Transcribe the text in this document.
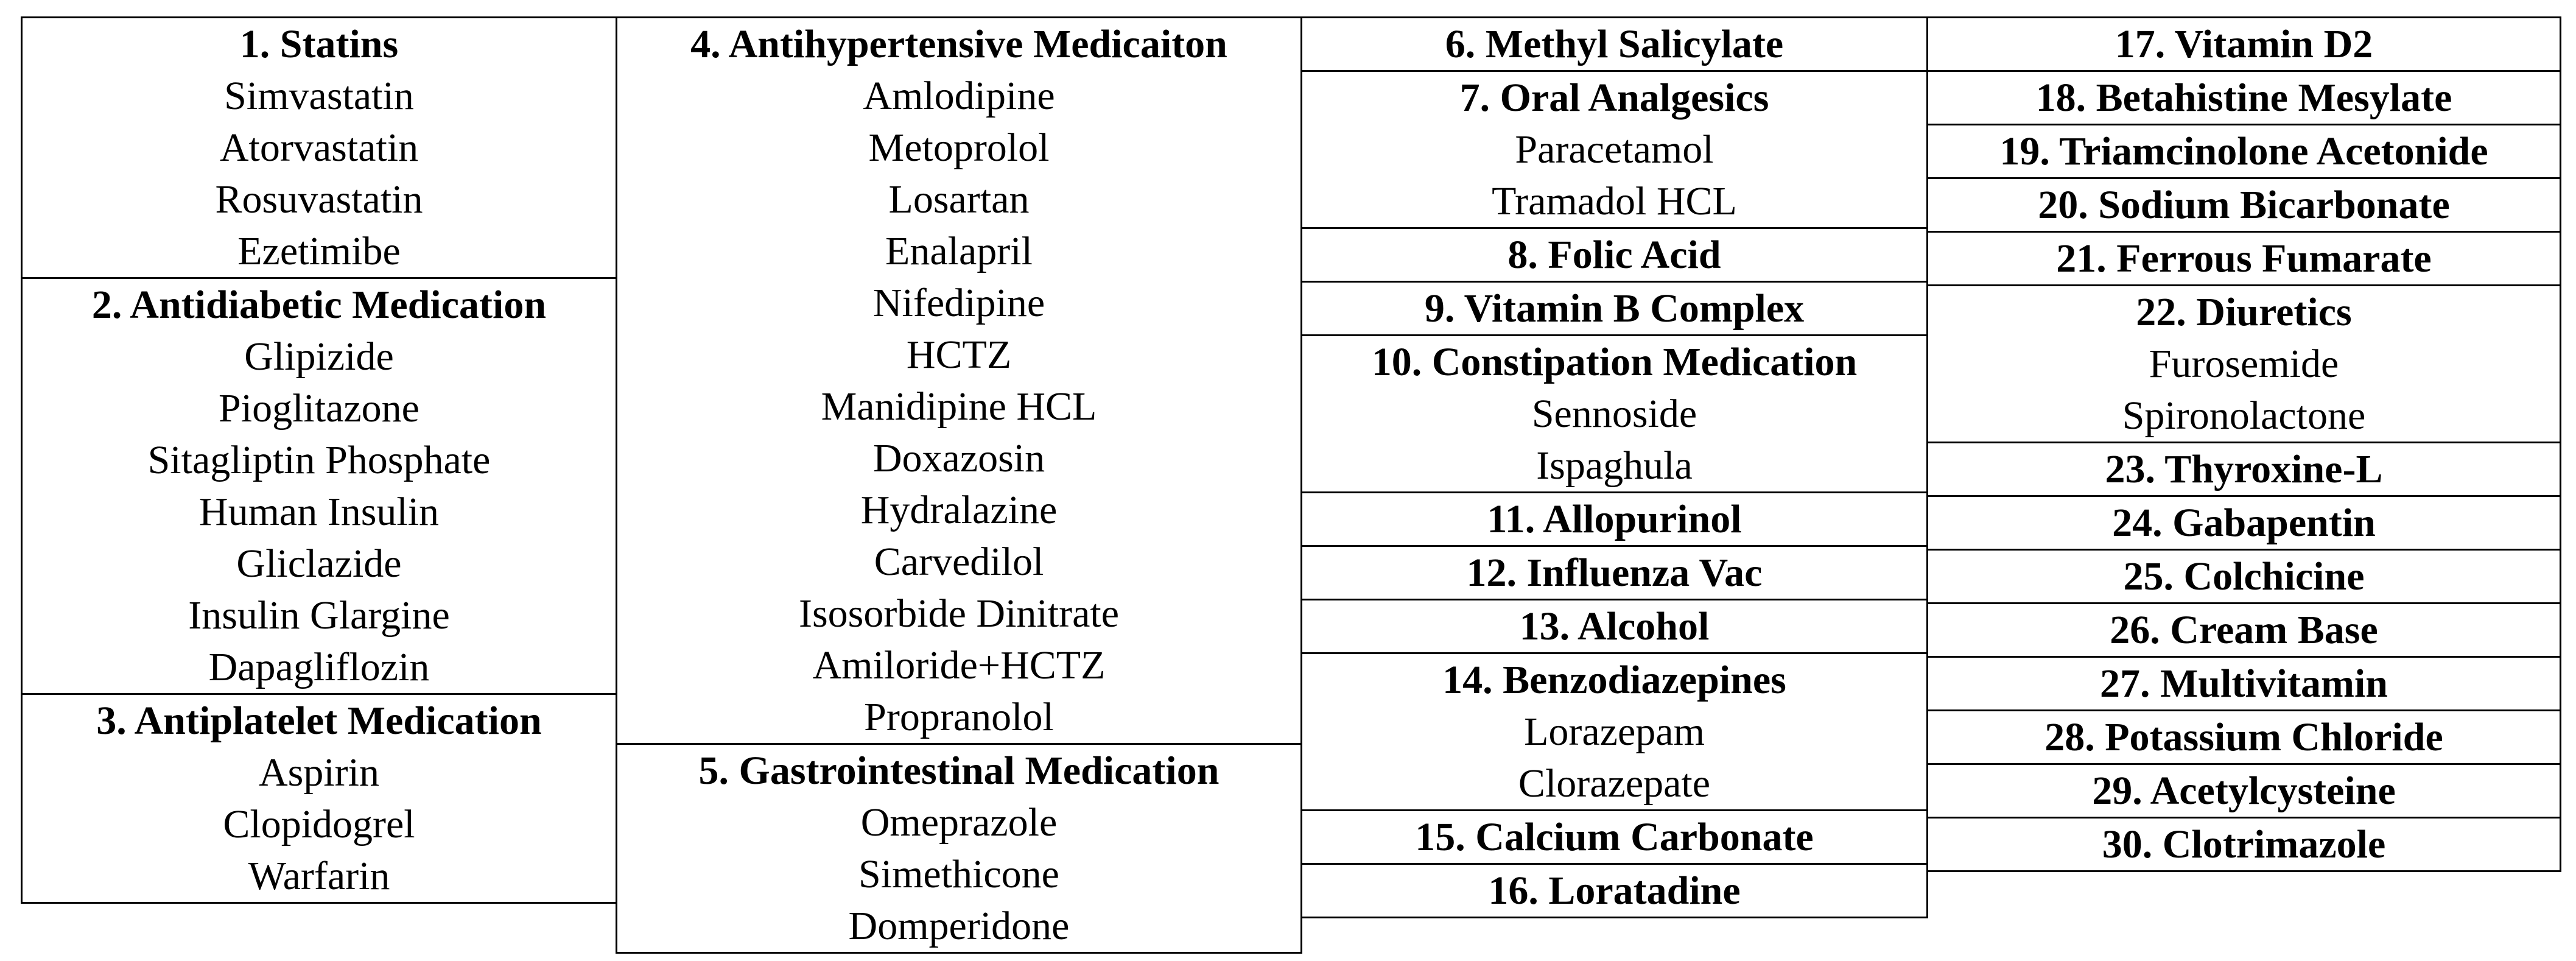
1. Statins
Simvastatin
Atorvastatin
Rosuvastatin
Ezetimibe
2. Antidiabetic Medication
Glipizide
Pioglitazone
Sitagliptin Phosphate
Human Insulin
Gliclazide
Insulin Glargine
Dapagliflozin
3. Antiplatelet Medication
Aspirin
Clopidogrel
Warfarin
4. Antihypertensive Medicaiton
Amlodipine
Metoprolol
Losartan
Enalapril
Nifedipine
HCTZ
Manidipine HCL
Doxazosin
Hydralazine
Carvedilol
Isosorbide Dinitrate
Amiloride+HCTZ
Propranolol
5. Gastrointestinal Medication
Omeprazole
Simethicone
Domperidone
6. Methyl Salicylate
7. Oral Analgesics
Paracetamol
Tramadol HCL
8. Folic Acid
9. Vitamin B Complex
10. Constipation Medication
Sennoside
Ispaghula
11. Allopurinol
12. Influenza Vac
13. Alcohol
14. Benzodiazepines
Lorazepam
Clorazepate
15. Calcium Carbonate
16. Loratadine
17. Vitamin D2
18. Betahistine Mesylate
19. Triamcinolone Acetonide
20. Sodium Bicarbonate
21. Ferrous Fumarate
22. Diuretics
Furosemide
Spironolactone
23. Thyroxine-L
24. Gabapentin
25. Colchicine
26. Cream Base
27. Multivitamin
28. Potassium Chloride
29. Acetylcysteine
30. Clotrimazole
